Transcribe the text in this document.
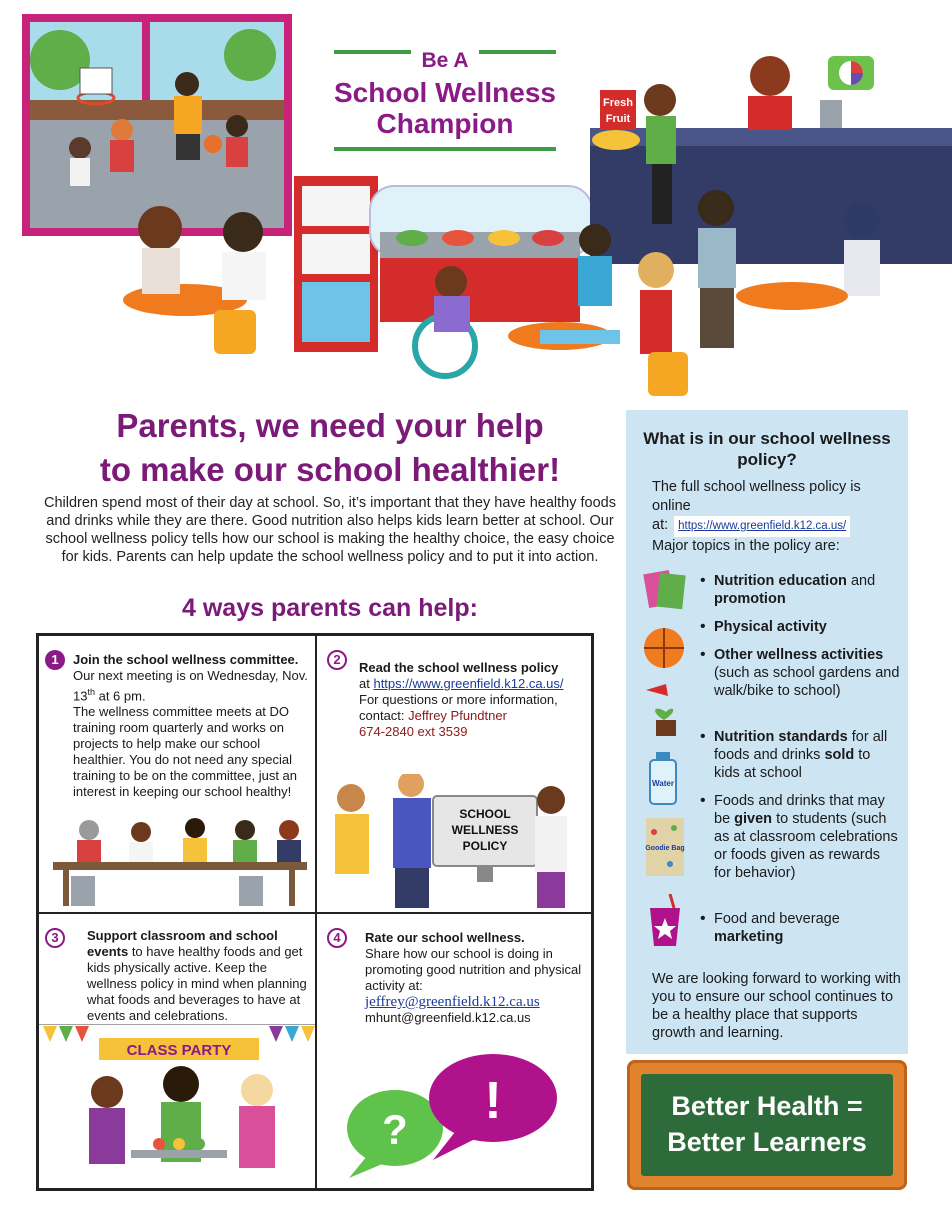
Fresh
Fruit
Be A
School Wellness
Champion
Parents, we need your help
to make our school healthier!

Children spend most of their day at school. So, it’s important that they have healthy foods and drinks while they are there. Good nutrition also helps kids learn better at school. Our school wellness policy tells how our school is making the healthy choice, the easy choice for kids. Parents can help update the school wellness policy and to put it into action.

4 ways parents can help:
1	Join the school wellness committee. Our next meeting is on Wednesday, Nov. 13th at 6 pm.
The wellness committee meets at DO training room quarterly and works on projects to help make our school healthier. You do not need any special training to be on the committee, just an interest in keeping our school healthy!
2
Read the school wellness policy
at https://www.greenfield.k12.ca.us/
For questions or more information, contact: Jeffrey Pfundtner
674-2840 ext 3539
SCHOOL
WELLNESS
POLICY
3	Support classroom and school events to have healthy foods and get kids physically active. Keep the wellness policy in mind when planning what foods and beverages to have at events and celebrations.
CLASS PARTY
4	Rate our school wellness.
Share how our school is doing in promoting good nutrition and physical activity at:
jeffrey@greenfield.k12.ca.us
mhunt@greenfield.k12.ca.us
? !
What is in our school wellness policy?
The full school wellness policy is online
at: https://www.greenfield.k12.ca.us/
Major topics in the policy are:
Water
Goodie Bag
• Nutrition education and promotion
• Physical activity
• Other wellness activities (such as school gardens and walk/bike to school)
• Nutrition standards for all foods and drinks sold to kids at school
• Foods and drinks that may be given to students (such as at classroom celebrations or foods given as rewards for behavior)
• Food and beverage marketing

We are looking forward to working with you to ensure our school continues to be a healthy place that supports growth and learning.

Better Health =
Better Learners
